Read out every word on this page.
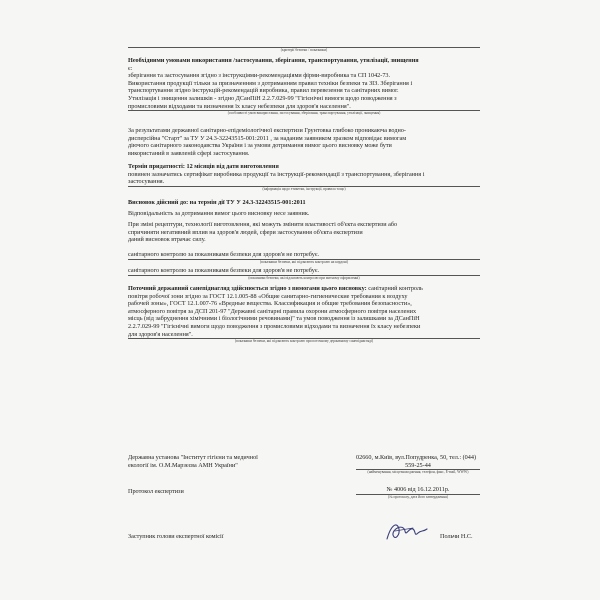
(критерії безпеки / показники)

Необхідними умовами використання /застосування, зберігання, транспортування, утилізації, знищення

є:

зберігання та застосування згідно з інструкціями-рекомендаціями фірми-виробника та СП 1042-73.

Використання продукції тільки за призначенням з дотриманням правил техніки безпеки та ЗІЗ. Зберігання і

транспортування згідно інструкцій-рекомендацій виробника, правил перевезення та санітарних вимог.

Утилізація і знищення залишків - згідно ДСанПіН 2.2.7.029-99 "Гігієнічні вимоги щодо поводження з

промисловими відходами та визначення їх класу небезпеки для здоров'я населення".

(особливості умов використання, застосування, зберігання, транспортування, утилізації, знищення)

За результатами державної санітарно-епідеміологічної експертизи Грунтовка глибоко проникаюча водно-

дисперсійна "Старт" за ТУ У 24.3-32243515-001:2011 , за наданим заявником зразком відповідає вимогам

діючого санітарного законодавства України і за умови дотримання вимог цього висновку може бути

використаний в заявленій сфері застосування.

Термін придатності: 12 місяців від дати виготовлення

повинен зазначатись сертифікат виробника продукції та інструкції-рекомендації з транспортування, зберігання і

застосування.

(інформація щодо етикетки, інструкції, правила тощо)

Висновок дійсний до: на термін дії ТУ У 24.3-32243515-001:2011

Відповідальність за дотримання вимог цього висновку несе заявник.

При зміні рецептури, технології виготовлення, які можуть змінити властивості об'єкта експертизи або

спричиняти негативний вплив на здоров'я людей, сфери застосування об'єкта експертизи

даний висновок втрачає силу.

санітарного контролю за показниками безпеки для здоров'я не потребує.

(показники безпеки, які підлягають контролю на кордоні)

санітарного контролю за показниками безпеки для здоров'я не потребує.

(показники безпеки, які підлягають контролю при митному оформленні)

Поточний державний санепіднагляд здійснюється згідно з вимогами цього висновку: санітарний контроль

повітря робочої зони згідно за ГОСТ 12.1.005-88 «Общие санитарно-гигиенические требования к воздуху

рабочей зоны», ГОСТ 12.1.007-76 «Вредные вещества. Классификация и общие требования безопасности»,

атмосферного повітря за ДСП 201-97 "Державні санітарні правила охорони атмосферного повітря населених

місць (від забруднення хімічними і біологічними речовинами)" та умов поводження із залишками за ДСанПіН

2.2.7.029-99 "Гігієнічні вимоги щодо поводження з промисловими відходами та визначення їх класу небезпеки

для здоров'я населення".

(показники безпеки, які підлягають контролю при поточному державному санепіднагляді)

Державна установа "Інститут гігієни та медичної

екології ім. О.М.Марзєєва АМН України"

02660, м.Київ, вул.Попудренка, 50, тел.: (044)

559-25-44

(найменування, місцезнаходження, телефон, факс, E-mail, WWW)

Протокол експертизи	№ 4006 від 16.12.2011р.

(№ протоколу, дата його затвердження)

Заступник голови експертної комісії	Польчи Н.С.
